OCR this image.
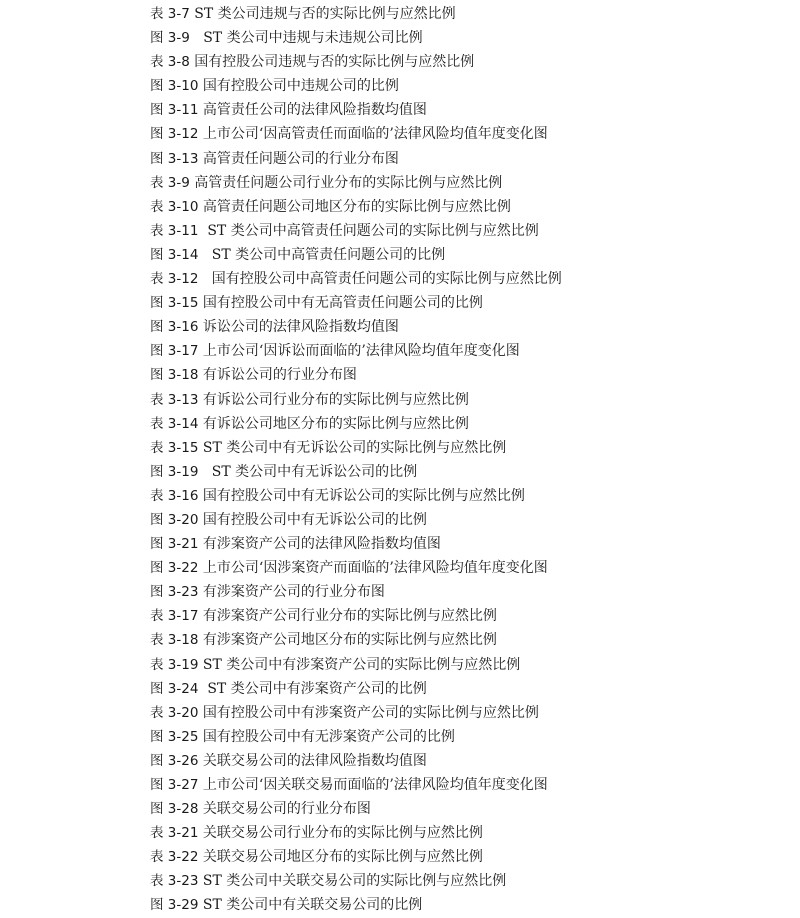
表 3-7 ST 类公司违规与否的实际比例与应然比例
图 3-9   ST 类公司中违规与未违规公司比例
表 3-8 国有控股公司违规与否的实际比例与应然比例
图 3-10 国有控股公司中违规公司的比例
图 3-11 高管责任公司的法律风险指数均值图
图 3-12 上市公司‘因高管责任而面临的’法律风险均值年度变化图
图 3-13 高管责任问题公司的行业分布图
表 3-9 高管责任问题公司行业分布的实际比例与应然比例
表 3-10 高管责任问题公司地区分布的实际比例与应然比例
表 3-11  ST 类公司中高管责任问题公司的实际比例与应然比例
图 3-14   ST 类公司中高管责任问题公司的比例
表 3-12   国有控股公司中高管责任问题公司的实际比例与应然比例
图 3-15 国有控股公司中有无高管责任问题公司的比例
图 3-16 诉讼公司的法律风险指数均值图
图 3-17 上市公司‘因诉讼而面临的’法律风险均值年度变化图
图 3-18 有诉讼公司的行业分布图
表 3-13 有诉讼公司行业分布的实际比例与应然比例
表 3-14 有诉讼公司地区分布的实际比例与应然比例
表 3-15 ST 类公司中有无诉讼公司的实际比例与应然比例
图 3-19   ST 类公司中有无诉讼公司的比例
表 3-16 国有控股公司中有无诉讼公司的实际比例与应然比例
图 3-20 国有控股公司中有无诉讼公司的比例
图 3-21 有涉案资产公司的法律风险指数均值图
图 3-22 上市公司‘因涉案资产而面临的’法律风险均值年度变化图
图 3-23 有涉案资产公司的行业分布图
表 3-17 有涉案资产公司行业分布的实际比例与应然比例
表 3-18 有涉案资产公司地区分布的实际比例与应然比例
表 3-19 ST 类公司中有涉案资产公司的实际比例与应然比例
图 3-24  ST 类公司中有涉案资产公司的比例
表 3-20 国有控股公司中有涉案资产公司的实际比例与应然比例
图 3-25 国有控股公司中有无涉案资产公司的比例
图 3-26 关联交易公司的法律风险指数均值图
图 3-27 上市公司‘因关联交易而面临的’法律风险均值年度变化图
图 3-28 关联交易公司的行业分布图
表 3-21 关联交易公司行业分布的实际比例与应然比例
表 3-22 关联交易公司地区分布的实际比例与应然比例
表 3-23 ST 类公司中关联交易公司的实际比例与应然比例
图 3-29 ST 类公司中有关联交易公司的比例
